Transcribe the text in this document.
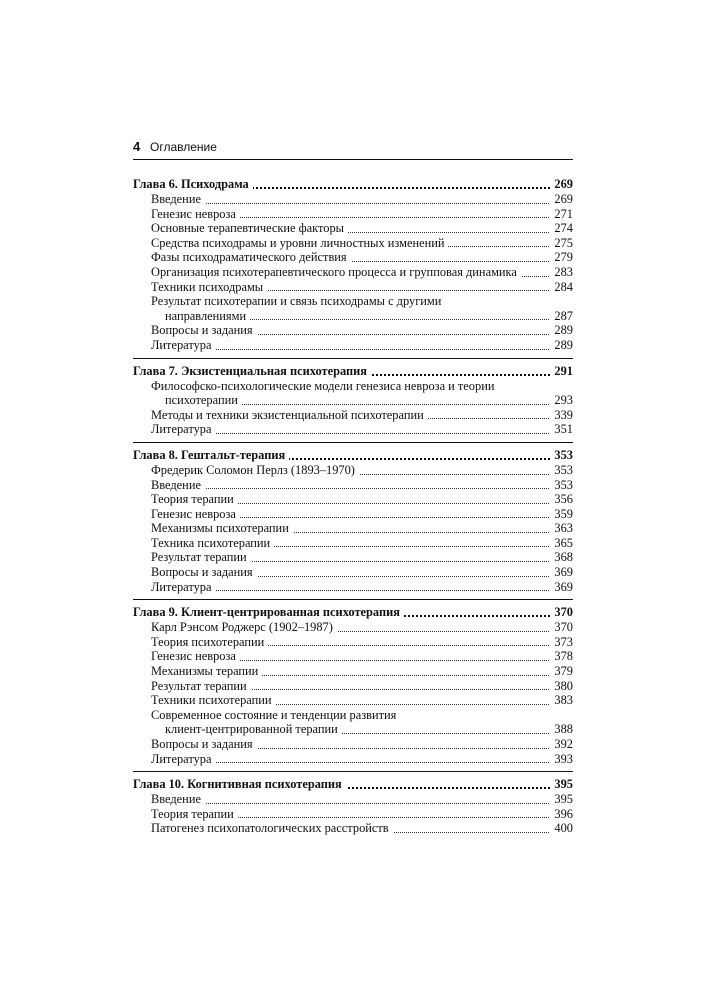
4 Оглавление
Глава 6. Психодрама	269
Введение	269
Генезис невроза	271
Основные терапевтические факторы	274
Средства психодрамы и уровни личностных изменений	275
Фазы психодраматического действия	279
Организация психотерапевтического процесса и групповая динамика	283
Техники психодрамы	284
Результат психотерапии и связь психодрамы с другими
направлениями	287
Вопросы и задания	289
Литература	289
Глава 7. Экзистенциальная психотерапия	291
Философско-психологические модели генезиса невроза и теории
психотерапии	293
Методы и техники экзистенциальной психотерапии	339
Литература	351
Глава 8. Гештальт-терапия	353
Фредерик Соломон Перлз (1893–1970)	353
Введение	353
Теория терапии	356
Генезис невроза	359
Механизмы психотерапии	363
Техника психотерапии	365
Результат терапии	368
Вопросы и задания	369
Литература	369
Глава 9. Клиент-центрированная психотерапия	370
Карл Рэнсом Роджерс (1902–1987)	370
Теория психотерапии	373
Генезис невроза	378
Механизмы терапии	379
Результат терапии	380
Техники психотерапии	383
Современное состояние и тенденции развития
клиент-центрированной терапии	388
Вопросы и задания	392
Литература	393
Глава 10. Когнитивная психотерапия	395
Введение	395
Теория терапии	396
Патогенез психопатологических расстройств	400
